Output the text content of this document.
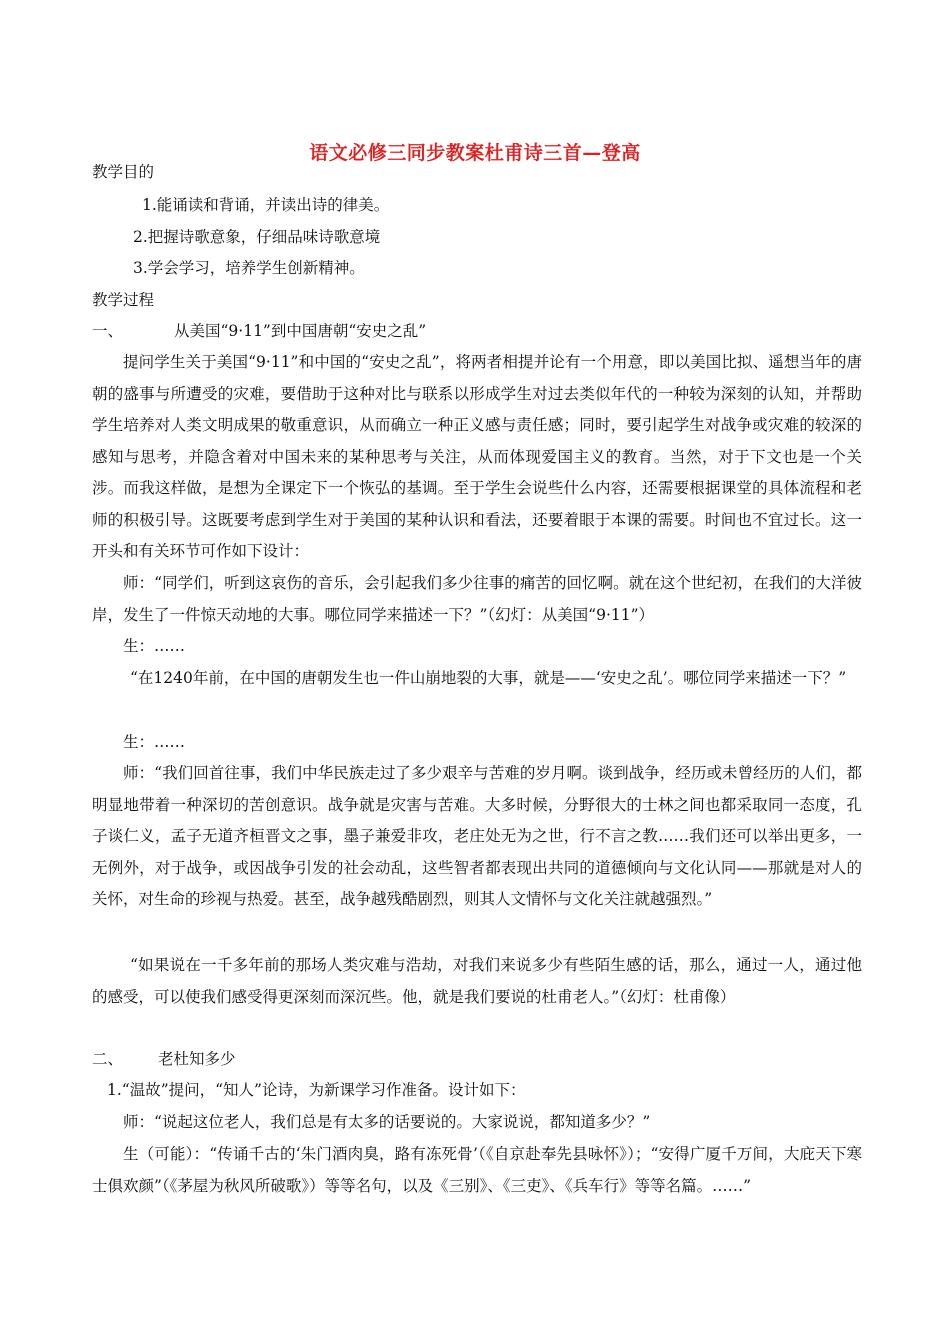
语文必修三同步教案杜甫诗三首—登高
教学目的
1.能诵读和背诵，并读出诗的律美。
2.把握诗歌意象，仔细品味诗歌意境
3.学会学习，培养学生创新精神。
教学过程
一、	从美国“9·11”到中国唐朝“安史之乱”
提问学生关于美国“9·11”和中国的“安史之乱”，将两者相提并论有一个用意，即以美国比拟、遥想当年的唐朝的盛事与所遭受的灾难，要借助于这种对比与联系以形成学生对过去类似年代的一种较为深刻的认知，并帮助学生培养对人类文明成果的敬重意识，从而确立一种正义感与责任感；同时，要引起学生对战争或灾难的较深的感知与思考，并隐含着对中国未来的某种思考与关注，从而体现爱国主义的教育。当然，对于下文也是一个关涉。而我这样做，是想为全课定下一个恢弘的基调。至于学生会说些什么内容，还需要根据课堂的具体流程和老师的积极引导。这既要考虑到学生对于美国的某种认识和看法，还要着眼于本课的需要。时间也不宜过长。这一开头和有关环节可作如下设计：
师：“同学们，听到这哀伤的音乐，会引起我们多少往事的痛苦的回忆啊。就在这个世纪初，在我们的大洋彼岸，发生了一件惊天动地的大事。哪位同学来描述一下？”（幻灯：从美国“9·11”）
生：……
“在1240年前，在中国的唐朝发生也一件山崩地裂的大事，就是——‘安史之乱’。哪位同学来描述一下？”
生：……
师：“我们回首往事，我们中华民族走过了多少艰辛与苦难的岁月啊。谈到战争，经历或未曾经历的人们，都明显地带着一种深切的苦创意识。战争就是灾害与苦难。大多时候，分野很大的士林之间也都采取同一态度，孔子谈仁义，孟子无道齐桓晋文之事，墨子兼爱非攻，老庄处无为之世，行不言之教……我们还可以举出更多，一无例外，对于战争，或因战争引发的社会动乱，这些智者都表现出共同的道德倾向与文化认同——那就是对人的关怀，对生命的珍视与热爱。甚至，战争越残酷剧烈，则其人文情怀与文化关注就越强烈。”
“如果说在一千多年前的那场人类灾难与浩劫，对我们来说多少有些陌生感的话，那么，通过一人，通过他的感受，可以使我们感受得更深刻而深沉些。他，就是我们要说的杜甫老人。”（幻灯：杜甫像）
二、 老杜知多少
1.“温故”提问，“知人”论诗，为新课学习作准备。设计如下：
师：“说起这位老人，我们总是有太多的话要说的。大家说说，都知道多少？”
生（可能）：“传诵千古的‘朱门酒肉臭，路有冻死骨’（《自京赴奉先县咏怀》）；“安得广厦千万间，大庇天下寒士俱欢颜”（《茅屋为秋风所破歌》）等等名句，以及《三别》、《三吏》、《兵车行》等等名篇。……”
